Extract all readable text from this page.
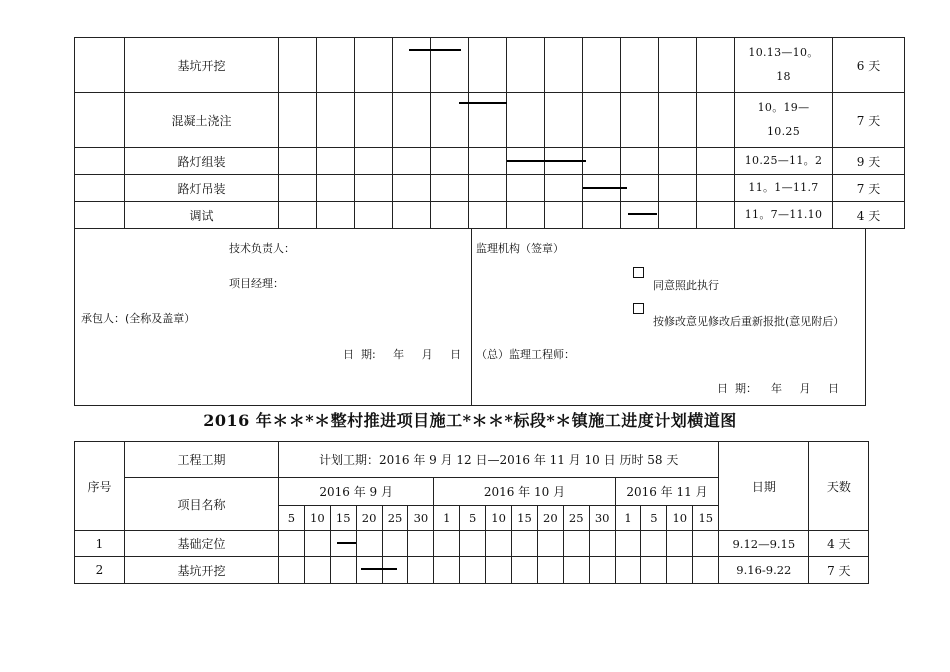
	基坑开挖													10.13—10。
18	6 天
	混凝土浇注													10。19—
10.25	7 天
	路灯组装													10.25—11。2	9 天
	路灯吊装													11。1—11.7	7 天
	调试													11。7—11.10	4 天
技术负责人：
项目经理：
承包人：(全称及盖章）
日  期:     年     月     日
监理机构（签章）
同意照此执行
按修改意见修改后重新报批(意见附后）
（总）监理工程师：
日  期：    年     月     日
2016 年＊＊*＊整村推进项目施工*＊＊*标段*＊镇施工进度计划横道图
序号	工程工期	计划工期：2016 年 9 月 12 日—2016 年 11 月 10 日 历时 58 天																	日期	天数
	项目名称	2016 年 9 月						2016 年 10 月							2016 年 11 月					
		5	10	15	20	25	30	1	5	10	15	20	25	30	1	5	10	15		
1	基础定位																		9.12—9.15	4 天
2	基坑开挖																		9.16-9.22	7 天
